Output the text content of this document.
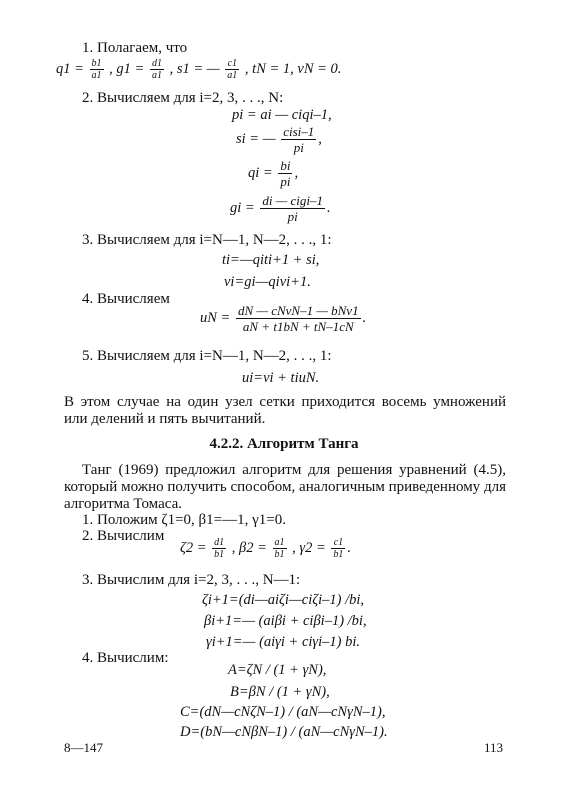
1. Полагаем, что
$q1 = \frac{b1}{a1}$ , $g1 = \frac{d1}{a1}$ , s1 = — $\frac{c1}{a1}$ , tN = 1, vN = 0.
2. Вычисляем для i=2, 3, . . ., N:
pi = ai — ciqi–1,
si = — $\frac{\text{cisi–1}}{pi}$ ,
qi = $\frac{bi}{pi}$ ,
gi = $\frac{\text{di — cigi–1}}{pi}$ .
3. Вычисляем для i=N—1, N—2, . . ., 1:
ti=—qiti+1 + si,
vi=gi—qivi+1.
4. Вычисляем
uN = $\frac{\text{dN — cNvN–1 — bNv1}}{aN + t1bN + tN-1cN}$ .
5. Вычисляем для i=N—1, N—2, . . ., 1:
ui=vi + tiuN.
В этом случае на один узел сетки приходится восемь умножений
или делений и пять вычитаний.
4.2.2. Алгоритм Танга
Танг (1969) предложил алгоритм для решения уравнений (4.5),
который можно получить способом, аналогичным приведенному для
алгоритма Томаса.
1. Положим ζ1=0, β1=—1, γ1=0.
2. Вычислим
$\zeta 2 = \frac{d1}{b1}$ , $\beta 2 = \frac{a1}{b1}$ , $\gamma 2 = \frac{c1}{b1}$ .
3. Вычислим для i=2, 3, . . ., N—1:
ζi+1=(di—aiζi—ciζi–1) /bi,
βi+1=— (aiβi + ciβi–1) /bi,
γi+1=— (aiγi + ciγi–1) bi.
4. Вычислим:
A=ζN / (1 + γN),
B=βN / (1 + γN),
C=(dN—cNζN–1) / (aN—cNγN–1),
D=(bN—cNβN–1) / (aN—cNγN–1).
8—147	113
